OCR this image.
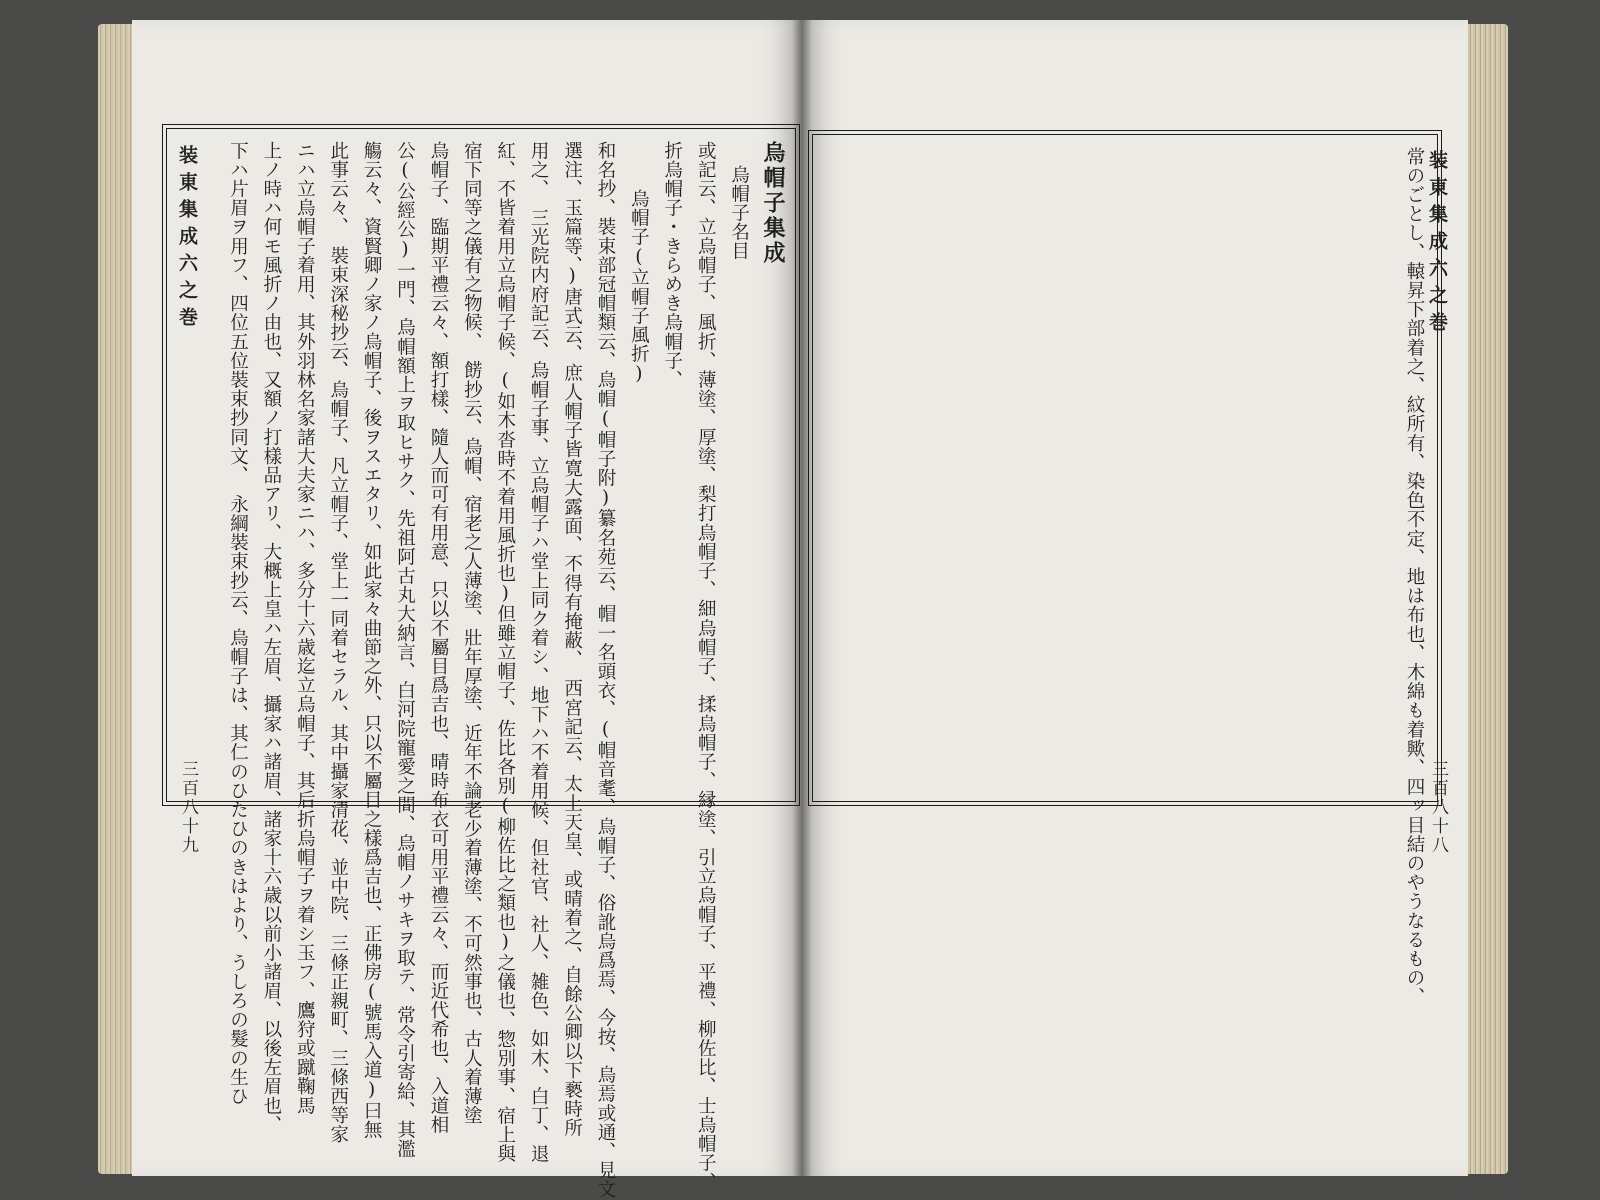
装東集成六之巻
三百八十九
装東集成六之巻
三百八十八
烏帽子集成
烏帽子名目
或記云、立烏帽子、風折、薄塗、厚塗、梨打烏帽子、細烏帽子、揉烏帽子、縁塗、引立烏帽子、平禮、柳佐比、士烏帽子、
折烏帽子・きらめき烏帽子、
烏帽子(立帽子風折)
和名抄、裝束部冠帽類云、烏帽(帽子附)纂名苑云、帽一名頭衣、(帽音耄、烏帽子、俗訛烏爲焉、今按、烏焉或通、見文
選注、玉篇等、)唐式云、庶人帽子皆寛大露面、不得有掩蔽、　西宮記云、太上天皇、或晴着之、自餘公卿以下褻時所
用之、　三光院内府記云、烏帽子事、立烏帽子ハ堂上同ク着シ、地下ハ不着用候、但社官、社人、雑色、如木、白丁、退
紅、不皆着用立烏帽子候、(如木沓時不着用風折也)但雖立帽子、佐比各別(柳佐比之類也)之儀也、惣別事、宿上與
宿下同等之儀有之物候、　餝抄云、烏帽、宿老之人薄塗、壯年厚塗、近年不論老少着薄塗、不可然事也、古人着薄塗
烏帽子、臨期平禮云々、額打樣、隨人而可有用意、只以不屬目爲吉也、晴時布衣可用平禮云々、而近代希也、入道相
公(公經公)一門、烏帽額上ヲ取ヒサク、先祖阿古丸大納言、白河院寵愛之間、烏帽ノサキヲ取テ、常令引寄給、其濫
觴云々、資賢卿ノ家ノ烏帽子、後ヲスエタリ、如此家々曲節之外、只以不屬目之樣爲吉也、正佛房(號馬入道)曰無
此事云々、　裝束深秘抄云、烏帽子、凡立帽子、堂上一同着セラル、其中攝家清花、並中院、三條正親町、三條西等家
ニハ立烏帽子着用、其外羽林名家諸大夫家ニハ、多分十六歳迄立烏帽子、其后折烏帽子ヲ着シ玉フ、鷹狩或蹴鞠馬
上ノ時ハ何モ風折ノ由也、又額ノ打樣品アリ、大概上皇ハ左眉、攝家ハ諸眉、諸家十六歳以前小諸眉、以後左眉也、
下ハ片眉ヲ用フ、四位五位裝束抄同文、　永綱裝束抄云、烏帽子は、其仁のひたひのきはより、うしろの髮の生ひ	常のごとし、轅昇下部着之、紋所有、染色不定、地は布也、木綿も着歟、四ッ目結のやうなるもの、
